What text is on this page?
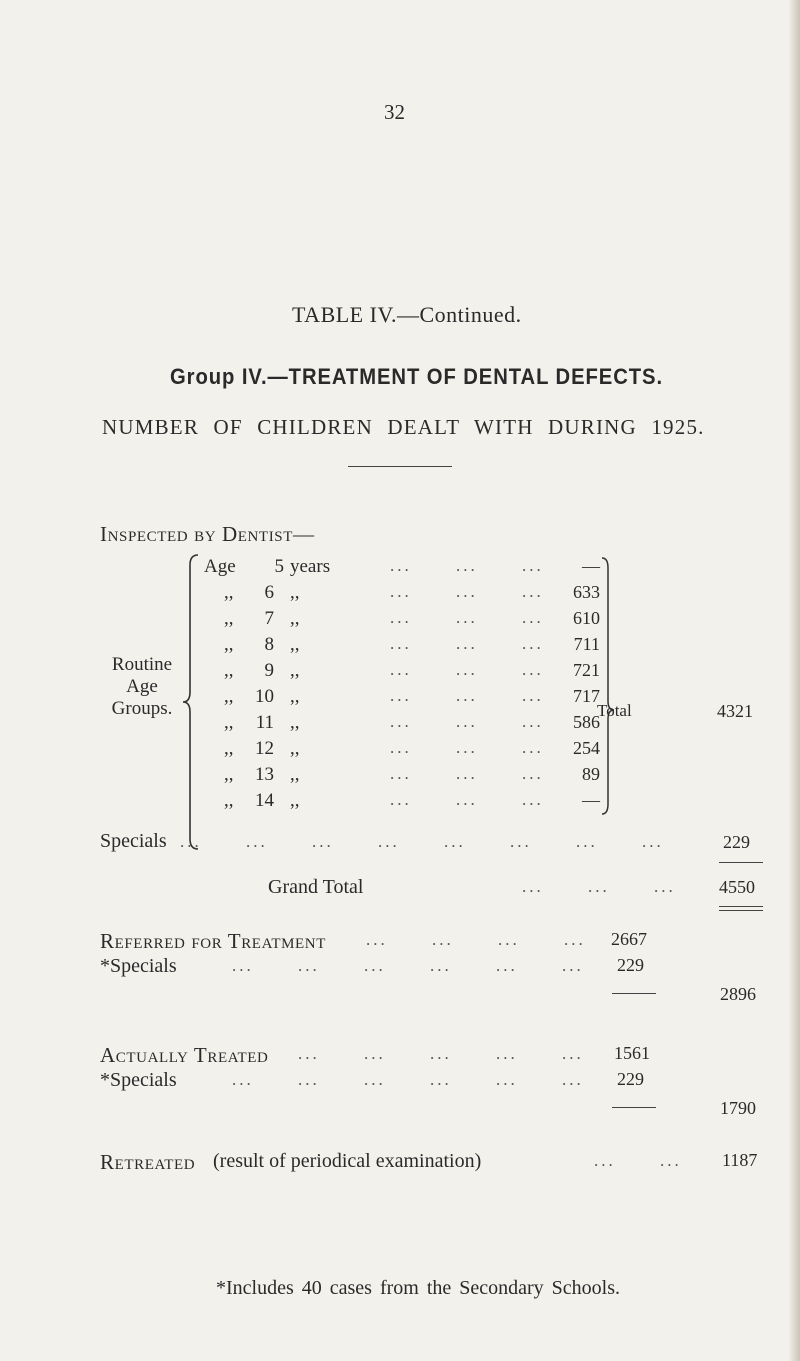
32
TABLE IV.—Continued.
Group IV.—TREATMENT OF DENTAL DEFECTS.
NUMBER OF CHILDREN DEALT WITH DURING 1925.
Inspected by Dentist—
Routine
Age
Groups.
Age	5 years	...	...	...	—
,,	6 ,,	...	...	...	633
,,	7 ,,	...	...	...	610
,,	8 ,,	...	...	...	711
,,	9 ,,	...	...	...	721
,,	10 ,,	...	...	...	717
,,	11 ,,	...	...	...	586
,,	12 ,,	...	...	...	254
,,	13 ,,	...	...	...	89
,,	14 ,,	...	...	...	—
Total	4321
Specials ...	...	...	...	...	...	...	...	229
Grand Total	...	...	... 4550
Referred for Treatment ...	...	...	... 2667
*Specials	...	...	...	...	...	... 229
2896
Actually Treated ...	...	...	...	... 1561
*Specials	...	...	...	...	...	... 229
1790
Retreated (result of periodical examination)	...	... 1187
*Includes 40 cases from the Secondary Schools.
